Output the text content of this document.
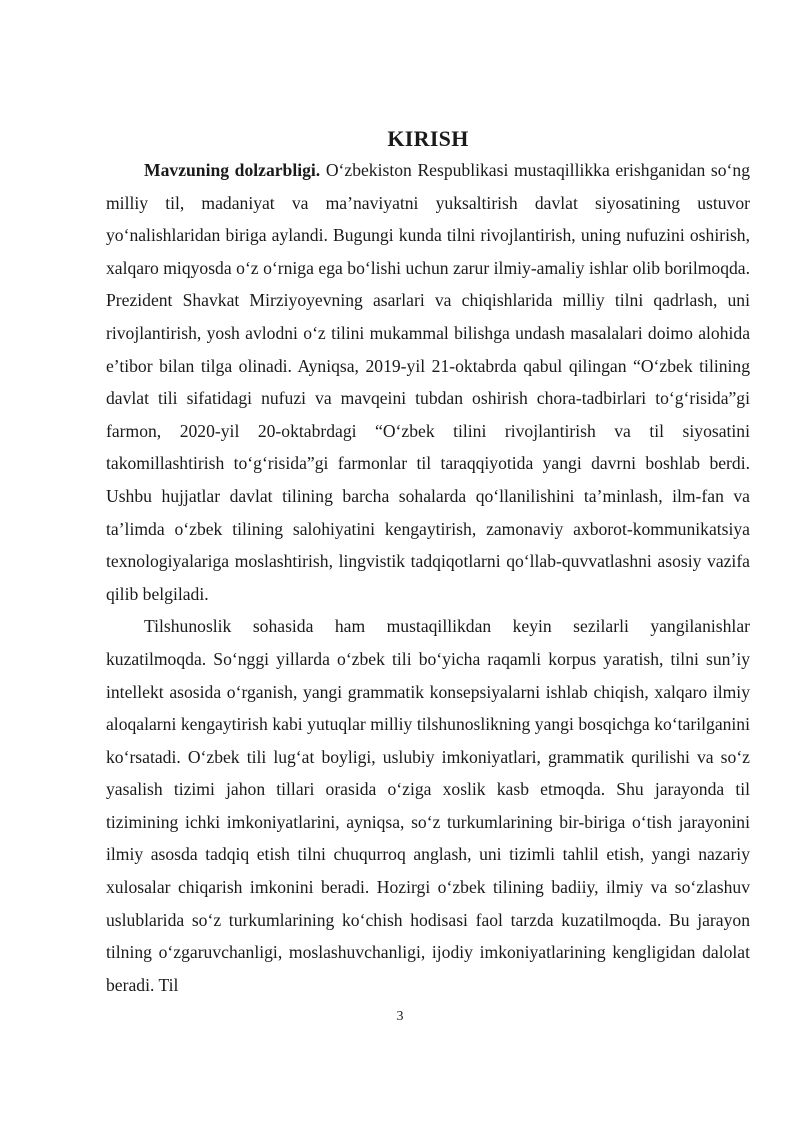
KIRISH

Mavzuning dolzarbligi. O‘zbekiston Respublikasi mustaqillikka erishganidan so‘ng milliy til, madaniyat va ma’naviyatni yuksaltirish davlat siyosatining ustuvor yo‘nalishlaridan biriga aylandi. Bugungi kunda tilni rivojlantirish, uning nufuzini oshirish, xalqaro miqyosda o‘z o‘rniga ega bo‘lishi uchun zarur ilmiy-amaliy ishlar olib borilmoqda. Prezident Shavkat Mirziyoyevning asarlari va chiqishlarida milliy tilni qadrlash, uni rivojlantirish, yosh avlodni o‘z tilini mukammal bilishga undash masalalari doimo alohida e’tibor bilan tilga olinadi. Ayniqsa, 2019-yil 21-oktabrda qabul qilingan “O‘zbek tilining davlat tili sifatidagi nufuzi va mavqeini tubdan oshirish chora-tadbirlari to‘g‘risida”gi farmon, 2020-yil 20-oktabrdagi “O‘zbek tilini rivojlantirish va til siyosatini takomillashtirish to‘g‘risida”gi farmonlar til taraqqiyotida yangi davrni boshlab berdi. Ushbu hujjatlar davlat tilining barcha sohalarda qo‘llanilishini ta’minlash, ilm-fan va ta’limda o‘zbek tilining salohiyatini kengaytirish, zamonaviy axborot-kommunikatsiya texnologiyalariga moslashtirish, lingvistik tadqiqotlarni qo‘llab-quvvatlashni asosiy vazifa qilib belgiladi.

Tilshunoslik sohasida ham mustaqillikdan keyin sezilarli yangilanishlar kuzatilmoqda. So‘nggi yillarda o‘zbek tili bo‘yicha raqamli korpus yaratish, tilni sun’iy intellekt asosida o‘rganish, yangi grammatik konsepsiyalarni ishlab chiqish, xalqaro ilmiy aloqalarni kengaytirish kabi yutuqlar milliy tilshunoslikning yangi bosqichga ko‘tarilganini ko‘rsatadi. O‘zbek tili lug‘at boyligi, uslubiy imkoniyatlari, grammatik qurilishi va so‘z yasalish tizimi jahon tillari orasida o‘ziga xoslik kasb etmoqda. Shu jarayonda til tizimining ichki imkoniyatlarini, ayniqsa, so‘z turkumlarining bir-biriga o‘tish jarayonini ilmiy asosda tadqiq etish tilni chuqurroq anglash, uni tizimli tahlil etish, yangi nazariy xulosalar chiqarish imkonini beradi. Hozirgi o‘zbek tilining badiiy, ilmiy va so‘zlashuv uslublarida so‘z turkumlarining ko‘chish hodisasi faol tarzda kuzatilmoqda. Bu jarayon tilning o‘zgaruvchanligi, moslashuvchanligi, ijodiy imkoniyatlarining kengligidan dalolat beradi. Til

3
